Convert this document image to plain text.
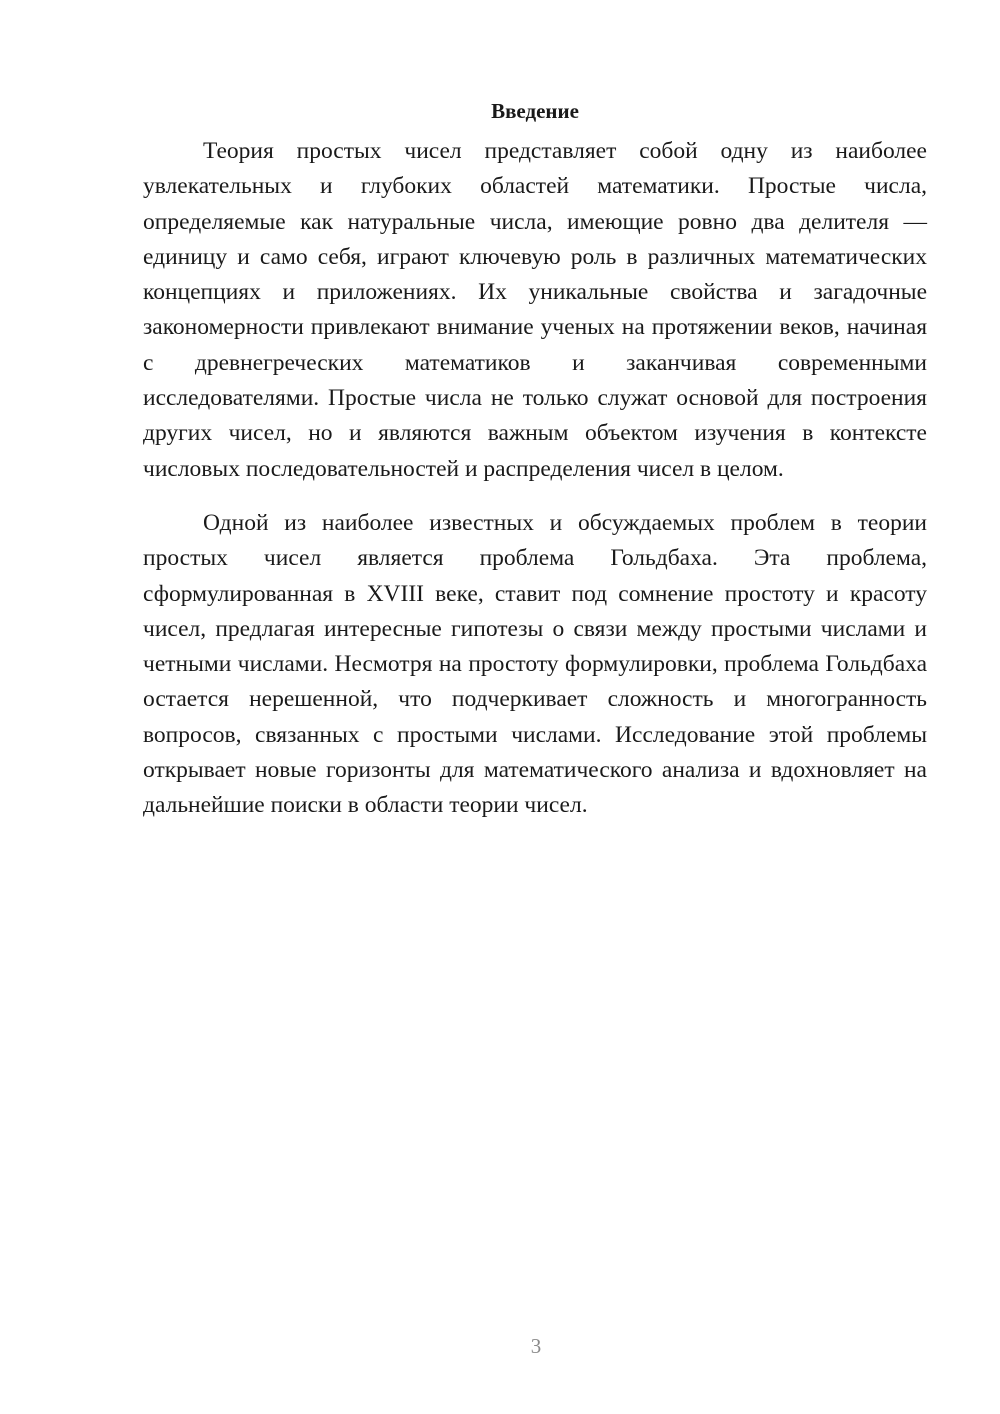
Введение

Теория простых чисел представляет собой одну из наиболее увлекательных и глубоких областей математики. Простые числа, определяемые как натуральные числа, имеющие ровно два делителя — единицу и само себя, играют ключевую роль в различных математических концепциях и приложениях. Их уникальные свойства и загадочные закономерности привлекают внимание ученых на протяжении веков, начиная с древнегреческих математиков и заканчивая современными исследователями. Простые числа не только служат основой для построения других чисел, но и являются важным объектом изучения в контексте числовых последовательностей и распределения чисел в целом.

Одной из наиболее известных и обсуждаемых проблем в теории простых чисел является проблема Гольдбаха. Эта проблема, сформулированная в XVIII веке, ставит под сомнение простоту и красоту чисел, предлагая интересные гипотезы о связи между простыми числами и четными числами. Несмотря на простоту формулировки, проблема Гольдбаха остается нерешенной, что подчеркивает сложность и многогранность вопросов, связанных с простыми числами. Исследование этой проблемы открывает новые горизонты для математического анализа и вдохновляет на дальнейшие поиски в области теории чисел.

3
